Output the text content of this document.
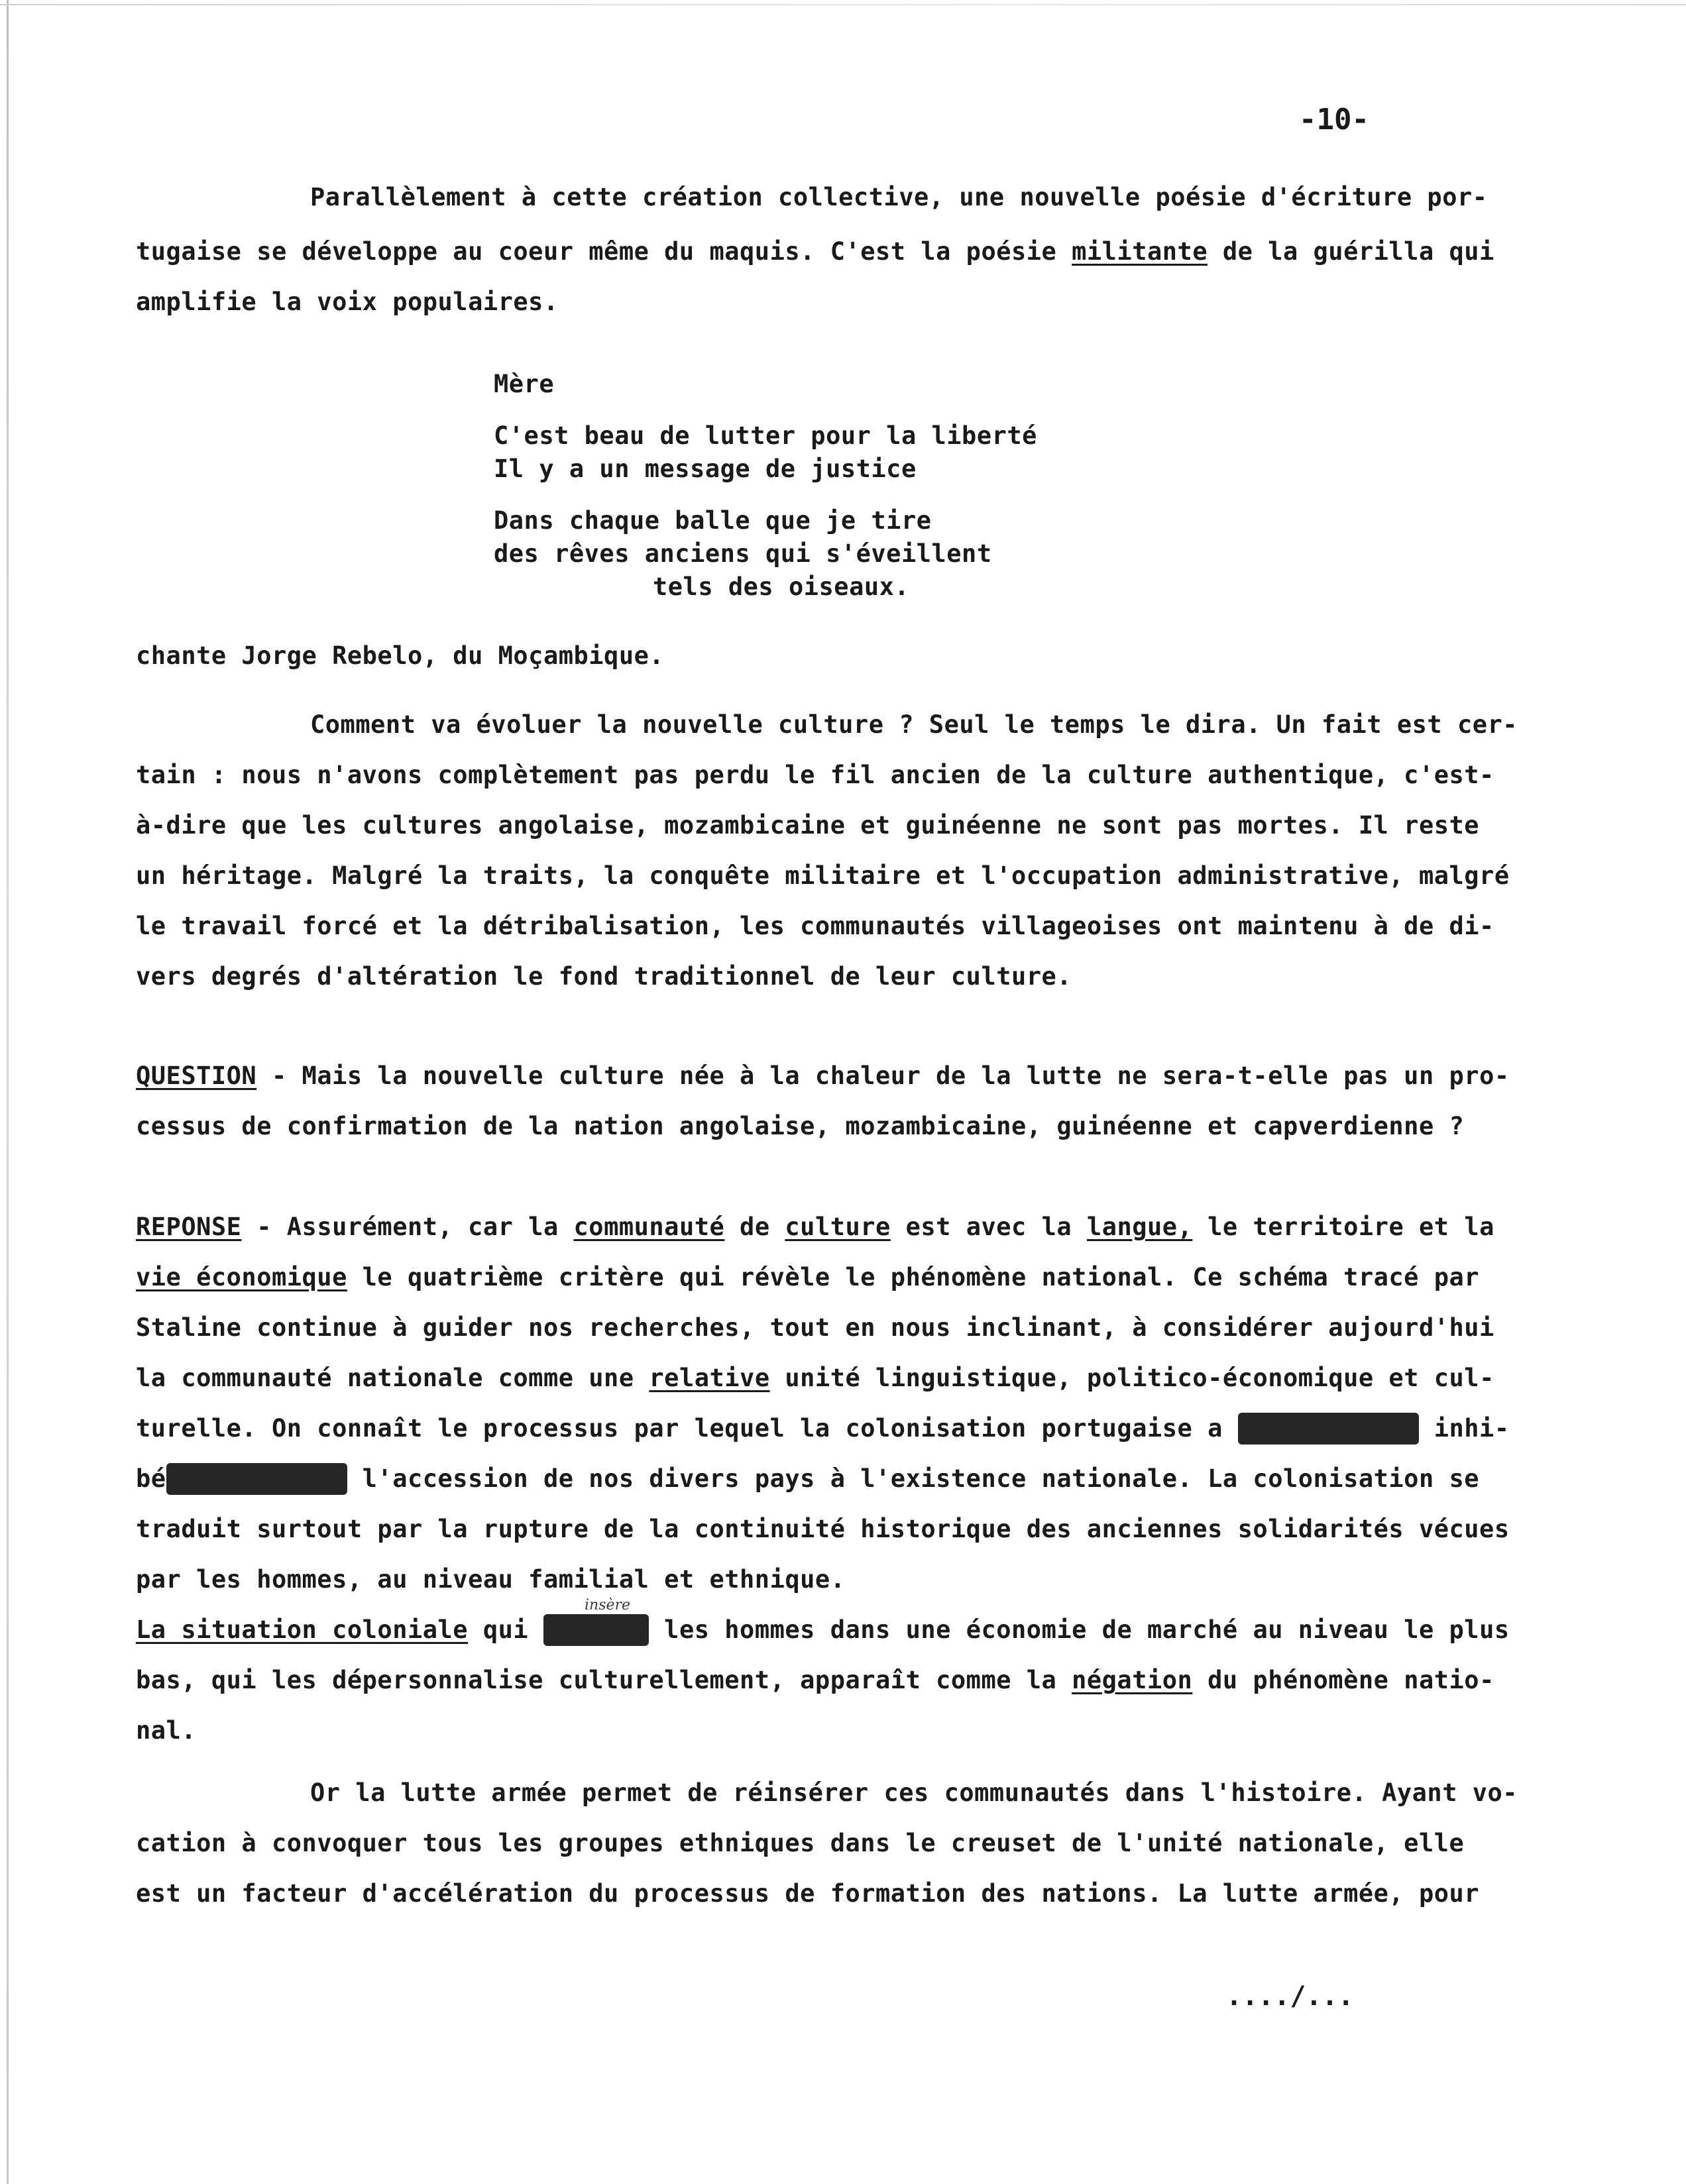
-10-
Parallèlement à cette création collective, une nouvelle poésie d'écriture por-
tugaise se développe au coeur même du maquis. C'est la poésie militante de la guérilla qui
amplifie la voix populaires.
Mère
C'est beau de lutter pour la liberté
Il y a un message de justice
Dans chaque balle que je tire
des rêves anciens qui s'éveillent
tels des oiseaux.
chante Jorge Rebelo, du Moçambique.
Comment va évoluer la nouvelle culture ? Seul le temps le dira. Un fait est cer-
tain : nous n'avons complètement pas perdu le fil ancien de la culture authentique, c'est-
à-dire que les cultures angolaise, mozambicaine et guinéenne ne sont pas mortes. Il reste
un héritage. Malgré la traits, la conquête militaire et l'occupation administrative, malgré
le travail forcé et la détribalisation, les communautés villageoises ont maintenu à de di-
vers degrés d'altération le fond traditionnel de leur culture.
QUESTION - Mais la nouvelle culture née à la chaleur de la lutte ne sera-t-elle pas un pro-
cessus de confirmation de la nation angolaise, mozambicaine, guinéenne et capverdienne ?
REPONSE - Assurément, car la communauté de culture est avec la langue, le territoire et la
vie économique le quatrième critère qui révèle le phénomène national. Ce schéma tracé par
Staline continue à guider nos recherches, tout en nous inclinant, à considérer aujourd'hui
la communauté nationale comme une relative unité linguistique, politico-économique et cul-
turelle. On connaît le processus par lequel la colonisation portugaise a freiné-sinon inhi-
bécomplètement l'accession de nos divers pays à l'existence nationale. La colonisation se
traduit surtout par la rupture de la continuité historique des anciennes solidarités vécues
par les hommes, au niveau familial et ethnique.
insère
La situation coloniale qui intègre les hommes dans une économie de marché au niveau le plus
bas, qui les dépersonnalise culturellement, apparaît comme la négation du phénomène natio-
nal.
Or la lutte armée permet de réinsérer ces communautés dans l'histoire. Ayant vo-
cation à convoquer tous les groupes ethniques dans le creuset de l'unité nationale, elle
est un facteur d'accélération du processus de formation des nations. La lutte armée, pour
..../...
